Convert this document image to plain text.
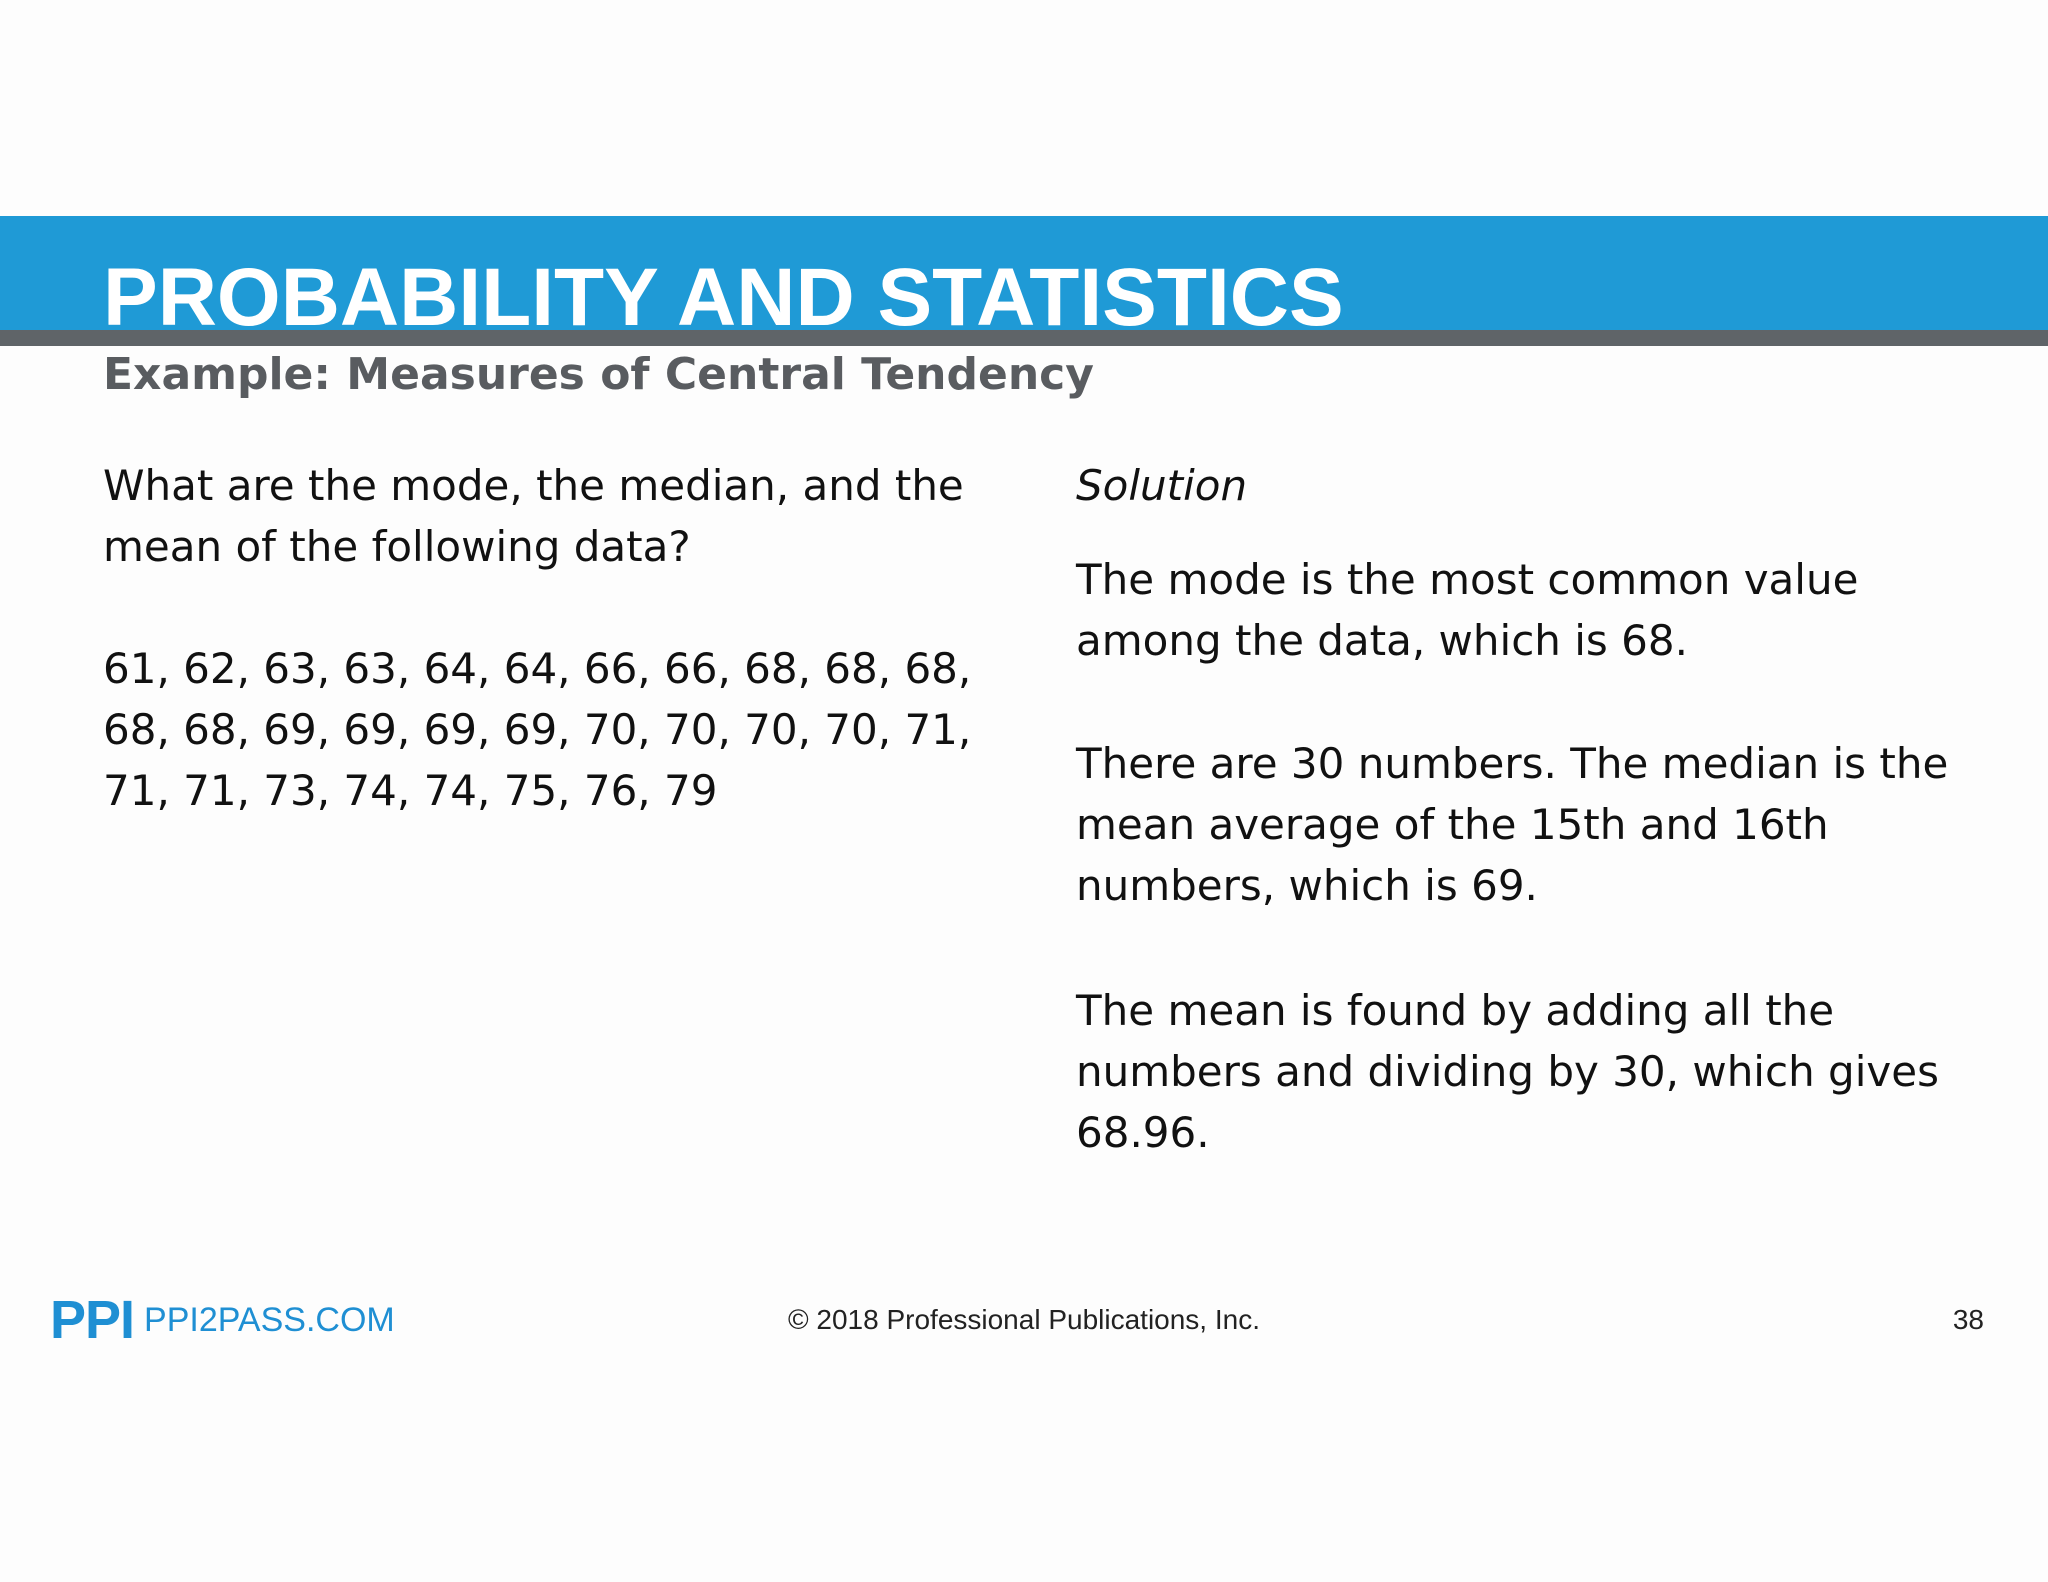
PROBABILITY AND STATISTICS
Example: Measures of Central Tendency

What are the mode, the median, and the mean of the following data?

61, 62, 63, 63, 64, 64, 66, 66, 68, 68, 68, 68, 68, 69, 69, 69, 69, 70, 70, 70, 70, 71, 71, 71, 73, 74, 74, 75, 76, 79

Solution

The mode is the most common value among the data, which is 68.

There are 30 numbers. The median is the mean average of the 15th and 16th numbers, which is 69.

The mean is found by adding all the numbers and dividing by 30, which gives 68.96.

PPI PPI2PASS.COM	© 2018 Professional Publications, Inc.	38
